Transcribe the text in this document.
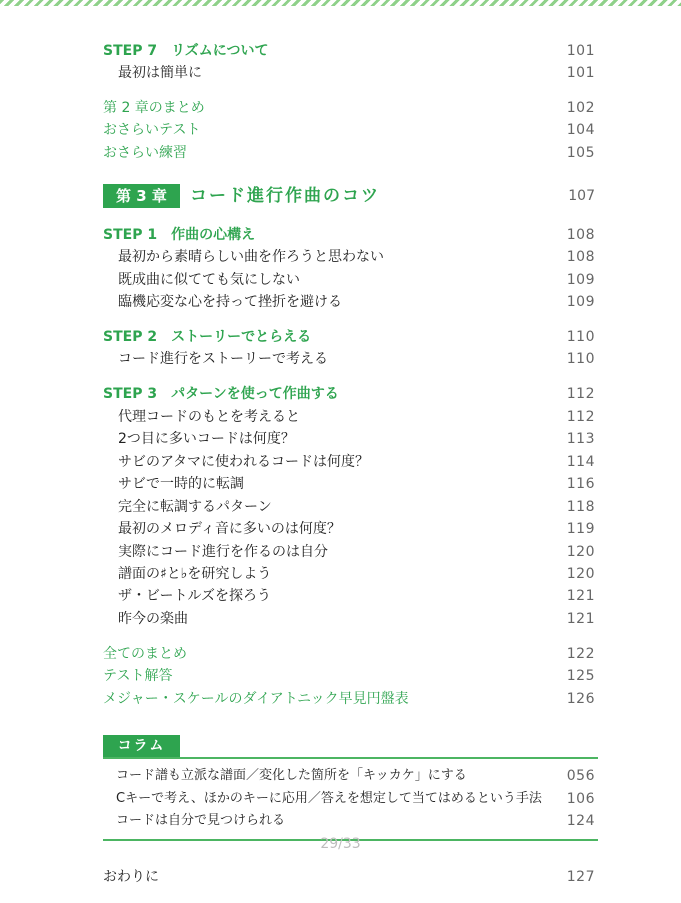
STEP 7　リズムについて	101
最初は簡単に	101
第 2 章のまとめ	102
おさらいテスト	104
おさらい練習	105
第 3 章	コード進行作曲のコツ	107
STEP 1　作曲の心構え	108
最初から素晴らしい曲を作ろうと思わない	108
既成曲に似てても気にしない	109
臨機応変な心を持って挫折を避ける	109
STEP 2　ストーリーでとらえる	110
コード進行をストーリーで考える	110
STEP 3　パターンを使って作曲する	112
代理コードのもとを考えると	112
2つ目に多いコードは何度？	113
サビのアタマに使われるコードは何度？	114
サビで一時的に転調	116
完全に転調するパターン	118
最初のメロディ音に多いのは何度？	119
実際にコード進行を作るのは自分	120
譜面の♯と♭を研究しよう	120
ザ・ビートルズを探ろう	121
昨今の楽曲	121
全てのまとめ	122
テスト解答	125
メジャー・スケールのダイアトニック早見円盤表	126
コラム
コード譜も立派な譜面／変化した箇所を「キッカケ」にする	056
Cキーで考え、ほかのキーに応用／答えを想定して当てはめるという手法 106
コードは自分で見つけられる	124
29/33
おわりに	127
